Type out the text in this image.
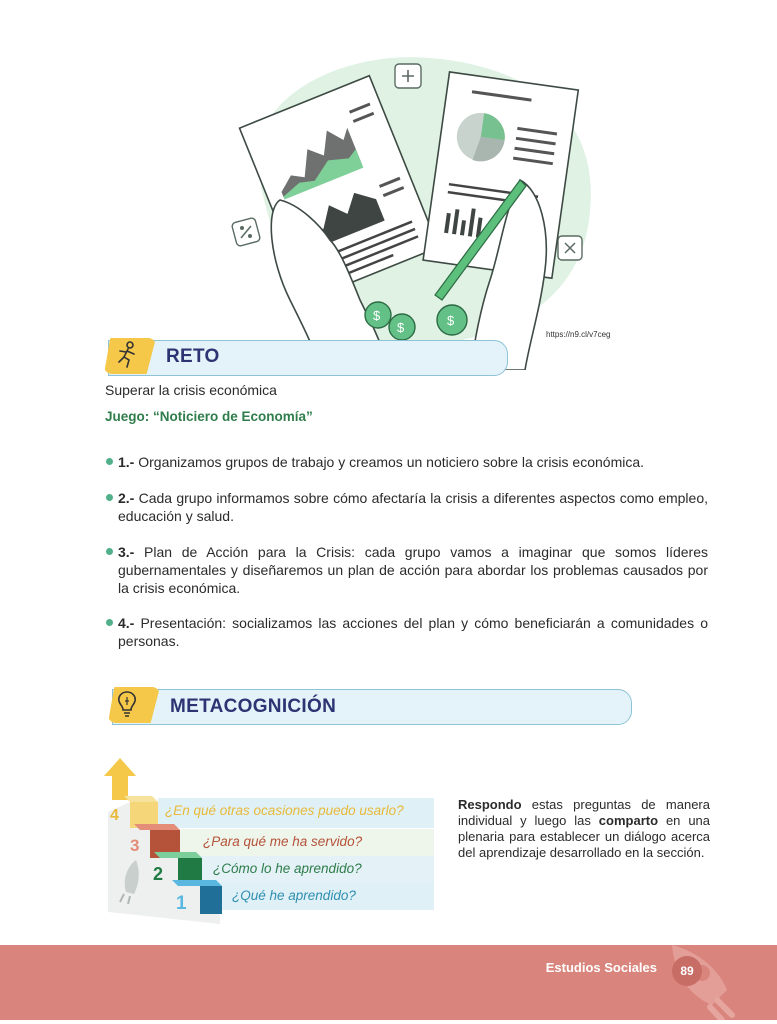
$
$	$
https://n9.cl/v7ceg
RETO
Superar la crisis económica
Juego: “Noticiero de Economía”
1.- Organizamos grupos de trabajo y creamos un noticiero sobre la crisis económica.
2.- Cada grupo informamos sobre cómo afectaría la crisis a diferentes aspectos como empleo, educación y salud.
3.- Plan de Acción para la Crisis: cada grupo vamos a imaginar que somos líderes gubernamentales y diseñaremos un plan de acción para abordar los problemas causados por la crisis económica.
4.- Presentación: socializamos las acciones del plan y cómo beneficiarán a comunidades o personas.
METACOGNICIÓN
4
3
2
1
¿En qué otras ocasiones puedo usarlo?
¿Para qué me ha servido?
¿Cómo lo he aprendido?
¿Qué he aprendido?
Respondo estas preguntas de manera individual y luego las comparto en una plenaria para establecer un diálogo acerca del aprendizaje desarrollado en la sección.
Estudios Sociales	89
